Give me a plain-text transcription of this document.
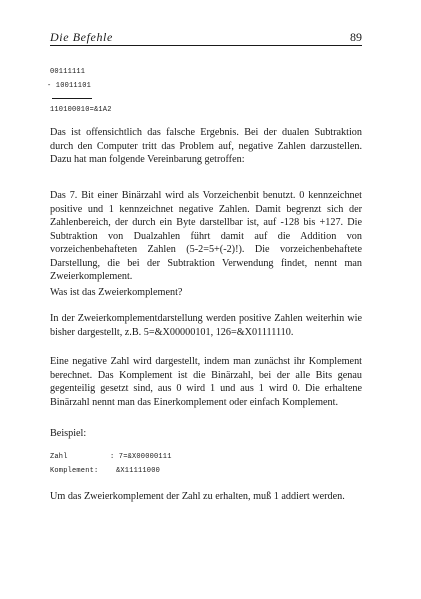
Die Befehle	89
00111111
- 10011101
110100010=&1A2

Das ist offensichtlich das falsche Ergebnis. Bei der dualen Subtraktion durch den Computer tritt das Problem auf, negative Zahlen darzustellen. Dazu hat man folgende Vereinbarung getroffen:

Das 7. Bit einer Binärzahl wird als Vorzeichenbit benutzt. 0 kennzeichnet positive und 1 kennzeichnet negative Zahlen. Damit begrenzt sich der Zahlenbereich, der durch ein Byte darstellbar ist, auf -128 bis +127. Die Subtraktion von Dualzahlen führt damit auf die Addition von vorzeichenbehafteten Zahlen (5-2=5+(-2)!). Die vorzeichenbehaftete Darstellung, die bei der Subtraktion Verwendung findet, nennt man Zweierkomplement.

Was ist das Zweierkomplement?

In der Zweierkomplementdarstellung werden positive Zahlen weiterhin wie bisher dargestellt, z.B. 5=&X00000101, 126=&X01111110.

Eine negative Zahl wird dargestellt, indem man zunächst ihr Komplement berechnet. Das Komplement ist die Binärzahl, bei der alle Bits genau gegenteilig gesetzt sind, aus 0 wird 1 und aus 1 wird 0. Die erhaltene Binärzahl nennt man das Einerkomplement oder einfach Komplement.

Beispiel:

Zahl	: 7=&X00000111
Komplement:	&X11111000

Um das Zweierkomplement der Zahl zu erhalten, muß 1 addiert werden.
